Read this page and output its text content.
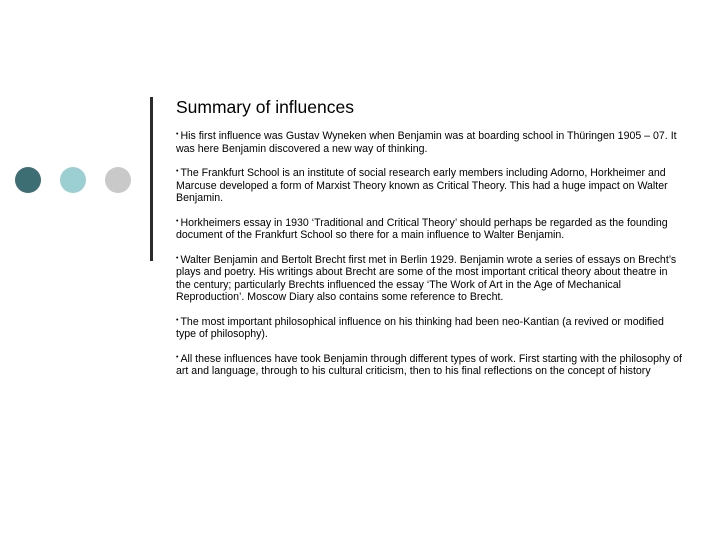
Summary of influences
• His first influence was Gustav Wyneken when Benjamin was at boarding school in Thüringen 1905 – 07. It was here Benjamin discovered a new way of thinking.
• The Frankfurt School is an institute of social research early members including Adorno, Horkheimer and Marcuse developed a form of Marxist Theory known as Critical Theory. This had a huge impact on Walter Benjamin.
• Horkheimers essay in 1930 ‘Traditional and Critical Theory’ should perhaps be regarded as the founding document of the Frankfurt School so there for a main influence to Walter Benjamin.
• Walter Benjamin and Bertolt Brecht first met in Berlin 1929. Benjamin wrote a series of essays on Brecht’s plays and poetry. His writings about Brecht are some of the most important critical theory about theatre in the century; particularly Brechts influenced the essay ‘The Work of Art in the Age of Mechanical Reproduction’. Moscow Diary also contains some reference to Brecht.
• The most important philosophical influence on his thinking had been neo-Kantian (a revived or modified type of philosophy).
• All these influences have took Benjamin through different types of work. First starting with the philosophy of art and language, through to his cultural criticism, then to his final reflections on the concept of history
